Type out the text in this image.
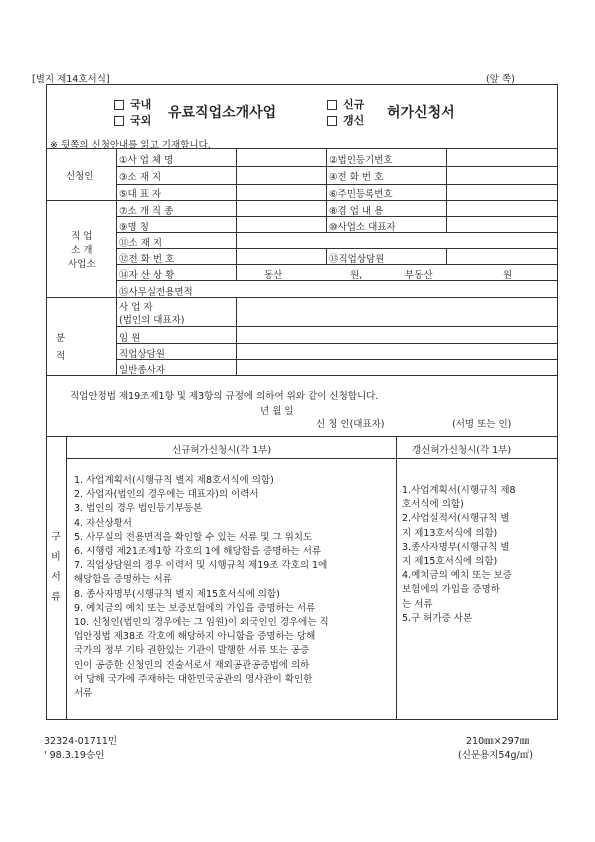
[별지 제14호서식]	(앞 쪽)
국내
국외 유료직업소개사업
신규
갱신 허가신청서
※ 뒷쪽의 신청안내를 읽고 기재합니다.
신청인
①사 업 체 명	②법인등기번호
③소 재 지	④전 화 번 호
⑤대 표 자	⑥주민등록번호
직 업
소 개
사업소
⑦소 개 직 종	⑧겸 업 내 용
⑨명 칭	⑩사업소 대표자
⑪소 재 지
⑫전 화 번 호	⑬직업상담원
⑭자 산 상 황	동산	원,	부동산	원
⑮사무실전용면적
분
적
사 업 자
(법인의 대표자)
임 원
직업상담원
일반종사자
직업안정법 제19조제1항 및 제3항의 규정에 의하여 위와 같이 신청합니다.
년 월 일
신 청 인(대표자)	(서명 또는 인)
구
비
서
류
신규허가신청시(각 1부)	갱신허가신청시(각 1부)
1. 사업계획서(시행규칙 별지 제8호서식에 의함)
2. 사업자(법인의 경우에는 대표자)의 이력서
3. 법인의 경우 법인등기부등본
4. 자산상황서
5. 사무실의 전용면적을 확인할 수 있는 서류 및 그 위치도
6. 시행령 제21조제1항 각호의 1에 해당함을 증명하는 서류
7. 직업상담원의 경우 이력서 및 시행규칙 제19조 각호의 1에
해당함을 증명하는 서류
8. 종사자명부(시행규칙 별지 제15호서식에 의함)
9. 예치금의 예치 또는 보증보험에의 가입을 증명하는 서류
10. 신청인(법인의 경우에는 그 임원)이 외국인인 경우에는 직
업안정법 제38조 각호에 해당하지 아니함을 증명하는 당해
국가의 정부 기타 권한있는 기관이 발행한 서류 또는 공증
인이 공증한 신청인의 진술서로서 재외공관공증법에 의하
여 당해 국가에 주재하는 대한민국공관의 영사관이 확인한
서류
1.사업계획서(시행규칙 제8
호서식에 의함)
2.사업실적서(시행규칙 별
지 제13호서식에 의함)
3.종사자명부(시행규칙 별
지 제15호서식에 의함)
4.예치금의 예치 또는 보증
보험에의 가입을 증명하
는 서류
5.구 허가증 사본
32324-01711민
' 98.3.19승인
210㎜×297㎜
(신문용지54g/㎡)
